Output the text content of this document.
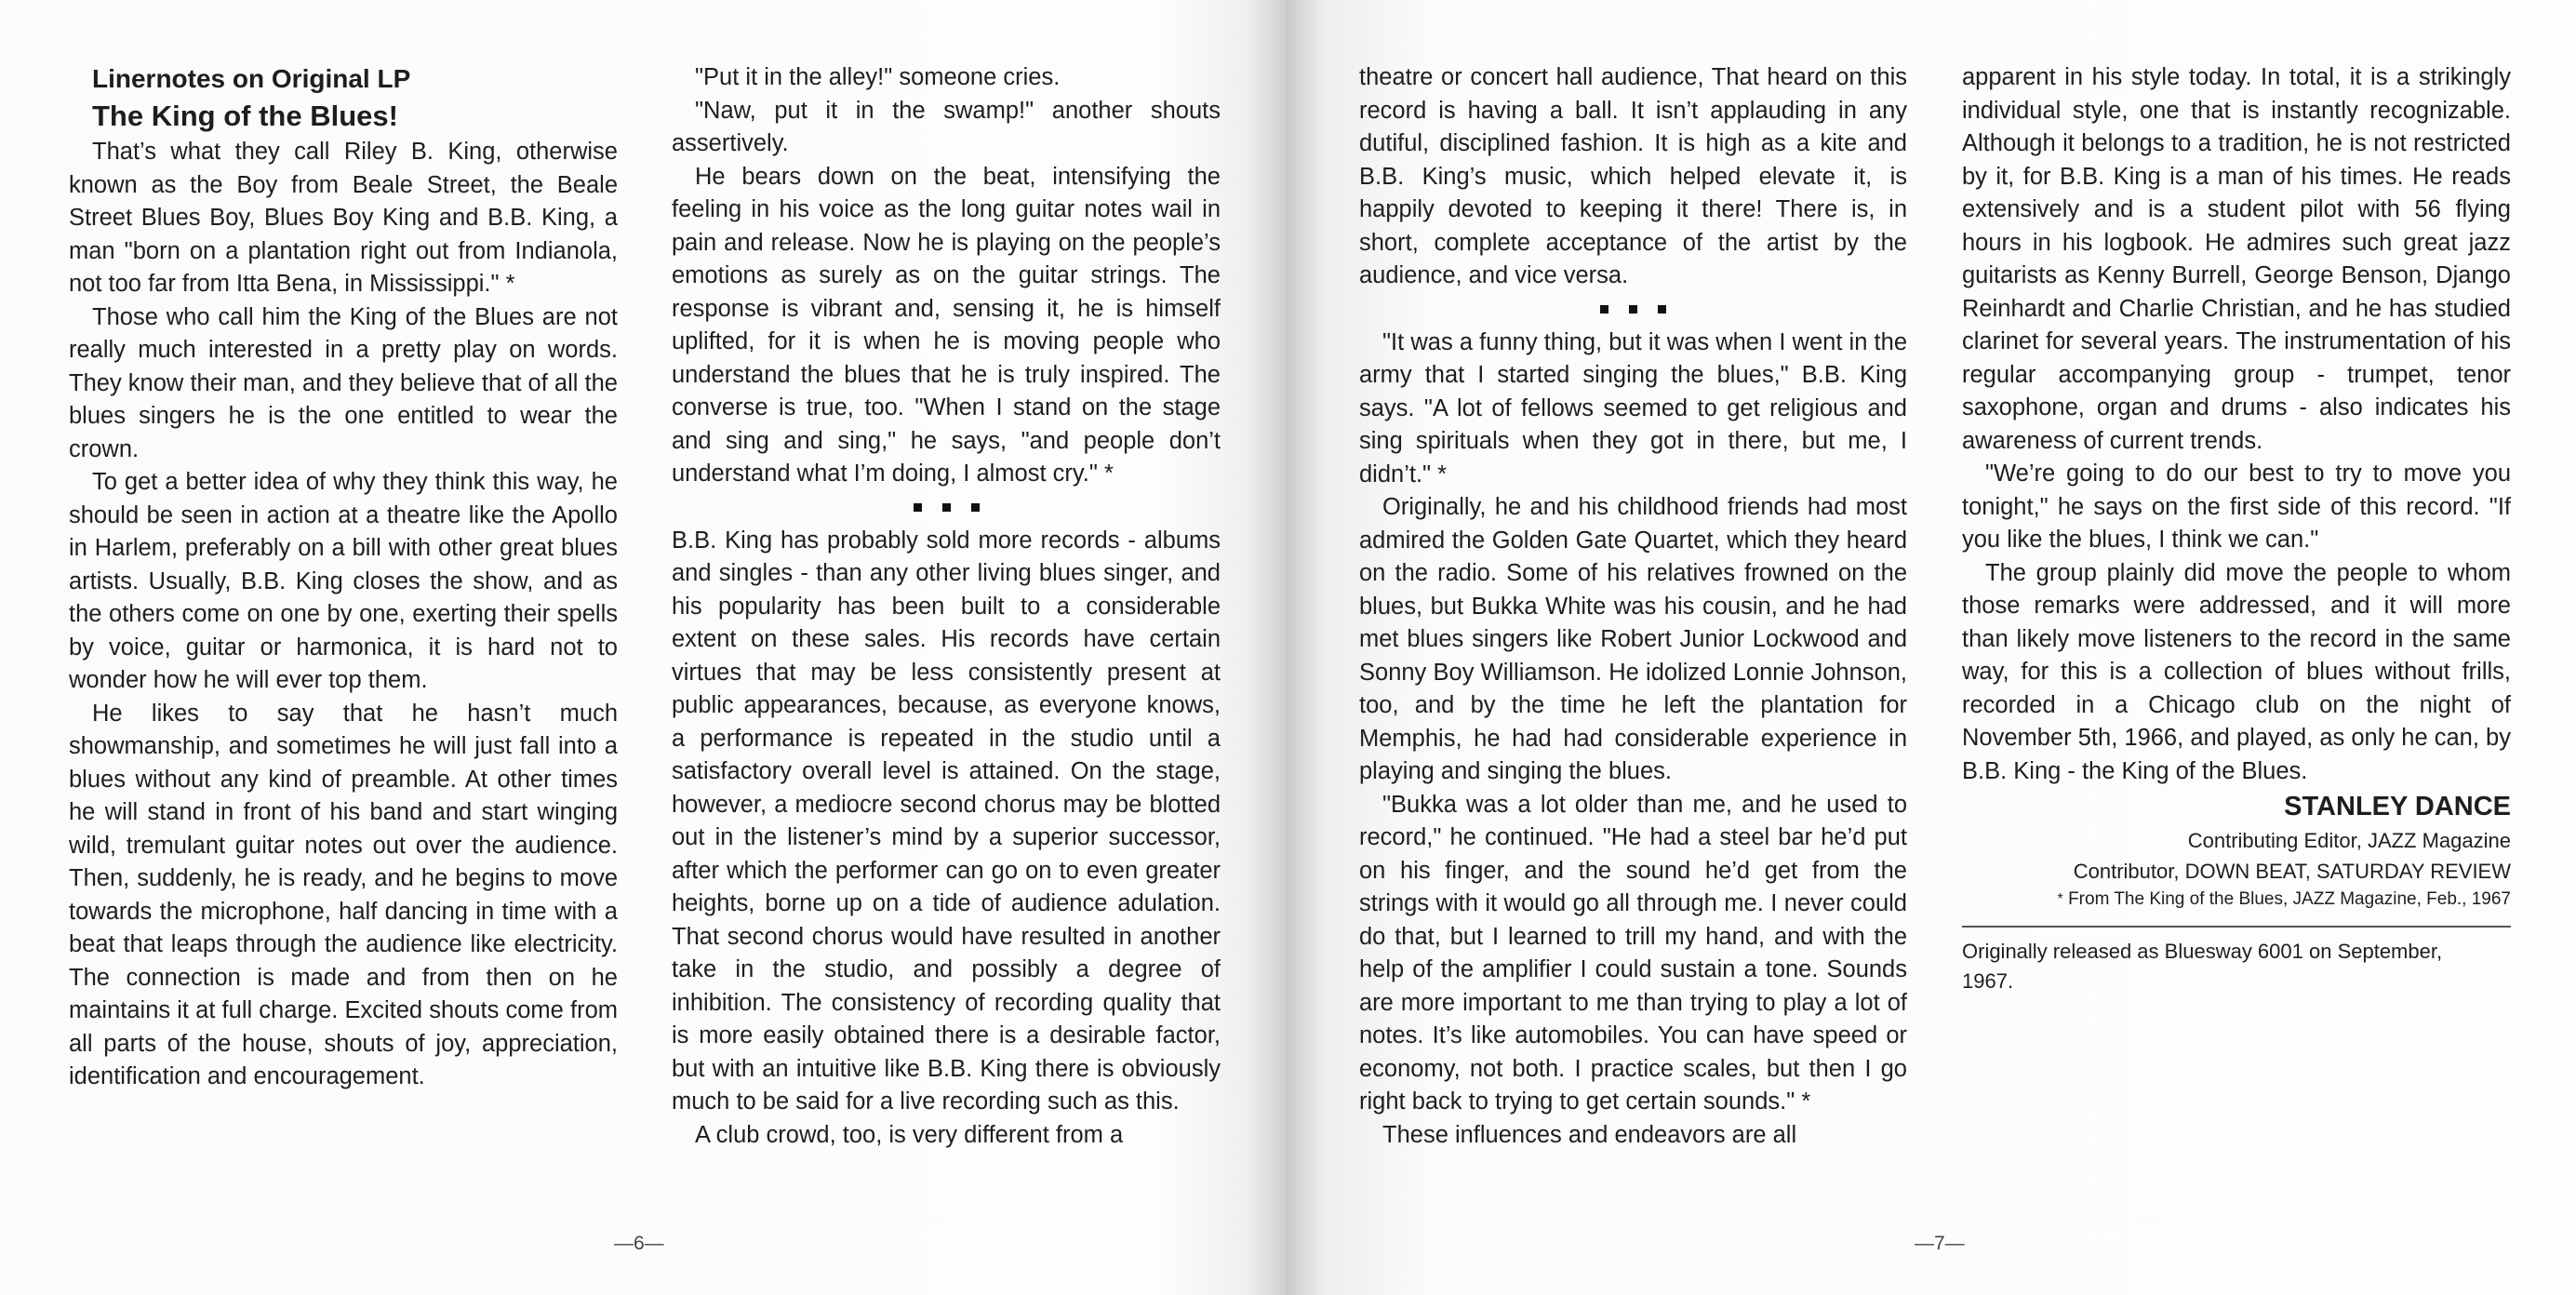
Linernotes on Original LP

The King of the Blues!

That’s what they call Riley B. King, otherwise known as the Boy from Beale Street, the Beale Street Blues Boy, Blues Boy King and B.B. King, a man "born on a plantation right out from Indianola, not too far from Itta Bena, in Mississippi." *

Those who call him the King of the Blues are not really much interested in a pretty play on words. They know their man, and they believe that of all the blues singers he is the one entitled to wear the crown.

To get a better idea of why they think this way, he should be seen in action at a theatre like the Apollo in Harlem, preferably on a bill with other great blues artists. Usually, B.B. King closes the show, and as the others come on one by one, exerting their spells by voice, guitar or harmonica, it is hard not to wonder how he will ever top them.

He likes to say that he hasn’t much showmanship, and sometimes he will just fall into a blues without any kind of preamble. At other times he will stand in front of his band and start winging wild, tremulant guitar notes out over the audience. Then, suddenly, he is ready, and he begins to move towards the microphone, half dancing in time with a beat that leaps through the audience like electricity. The connection is made and from then on he maintains it at full charge. Excited shouts come from all parts of the house, shouts of joy, appreciation, identification and encouragement.

"Put it in the alley!" someone cries.

"Naw, put it in the swamp!" another shouts assertively.

He bears down on the beat, intensifying the feeling in his voice as the long guitar notes wail in pain and release. Now he is playing on the people’s emotions as surely as on the guitar strings. The response is vibrant and, sensing it, he is himself uplifted, for it is when he is moving people who understand the blues that he is truly inspired. The converse is true, too. "When I stand on the stage and sing and sing," he says, "and people don’t understand what I’m doing, I almost cry." *

B.B. King has probably sold more records - albums and singles - than any other living blues singer, and his popularity has been built to a considerable extent on these sales. His records have certain virtues that may be less consistently present at public appearances, because, as everyone knows, a performance is repeated in the studio until a satisfactory overall level is attained. On the stage, however, a mediocre second chorus may be blotted out in the listener’s mind by a superior successor, after which the performer can go on to even greater heights, borne up on a tide of audience adulation. That second chorus would have resulted in another take in the studio, and possibly a degree of inhibition. The consistency of recording quality that is more easily obtained there is a desirable factor, but with an intuitive like B.B. King there is obviously much to be said for a live recording such as this.

A club crowd, too, is very different from a

—6—

theatre or concert hall audience, That heard on this record is having a ball. It isn’t applauding in any dutiful, disciplined fashion. It is high as a kite and B.B. King’s music, which helped elevate it, is happily devoted to keeping it there! There is, in short, complete acceptance of the artist by the audience, and vice versa.

"It was a funny thing, but it was when I went in the army that I started singing the blues," B.B. King says. "A lot of fellows seemed to get religious and sing spirituals when they got in there, but me, I didn’t." *

Originally, he and his childhood friends had most admired the Golden Gate Quartet, which they heard on the radio. Some of his relatives frowned on the blues, but Bukka White was his cousin, and he had met blues singers like Robert Junior Lockwood and Sonny Boy Williamson. He idolized Lonnie Johnson, too, and by the time he left the plantation for Memphis, he had had considerable experience in playing and singing the blues.

"Bukka was a lot older than me, and he used to record," he continued. "He had a steel bar he’d put on his finger, and the sound he’d get from the strings with it would go all through me. I never could do that, but I learned to trill my hand, and with the help of the amplifier I could sustain a tone. Sounds are more important to me than trying to play a lot of notes. It’s like automobiles. You can have speed or economy, not both. I practice scales, but then I go right back to trying to get certain sounds." *

These influences and endeavors are all

apparent in his style today. In total, it is a strikingly individual style, one that is instantly recognizable. Although it belongs to a tradition, he is not restricted by it, for B.B. King is a man of his times. He reads extensively and is a student pilot with 56 flying hours in his logbook. He admires such great jazz guitarists as Kenny Burrell, George Benson, Django Reinhardt and Charlie Christian, and he has studied clarinet for several years. The instrumentation of his regular accompanying group - trumpet, tenor saxophone, organ and drums - also indicates his awareness of current trends.

"We’re going to do our best to try to move you tonight," he says on the first side of this record. "If you like the blues, I think we can."

The group plainly did move the people to whom those remarks were addressed, and it will more than likely move listeners to the record in the same way, for this is a collection of blues without frills, recorded in a Chicago club on the night of November 5th, 1966, and played, as only he can, by B.B. King - the King of the Blues.

STANLEY DANCE

Contributing Editor, JAZZ Magazine

Contributor, DOWN BEAT, SATURDAY REVIEW

* From The King of the Blues, JAZZ Magazine, Feb., 1967

Originally released as Bluesway 6001 on September, 1967.

—7—
